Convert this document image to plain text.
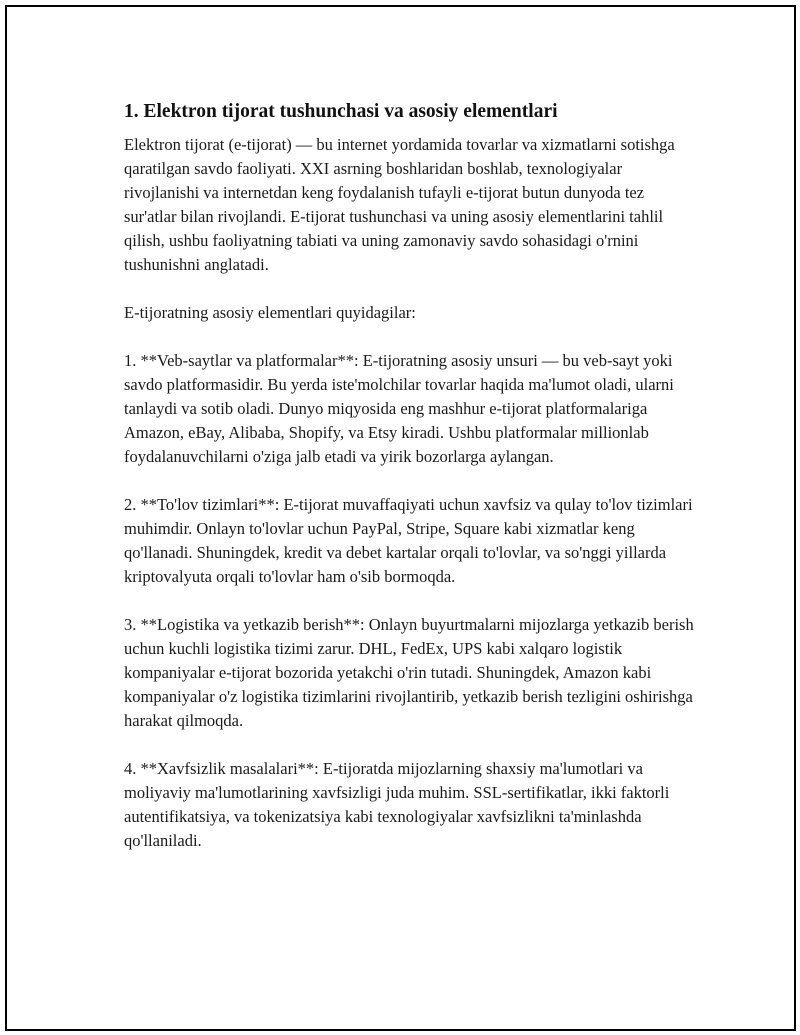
1. Elektron tijorat tushunchasi va asosiy elementlari

Elektron tijorat (e-tijorat) — bu internet yordamida tovarlar va xizmatlarni sotishga qaratilgan savdo faoliyati. XXI asrning boshlaridan boshlab, texnologiyalar rivojlanishi va internetdan keng foydalanish tufayli e-tijorat butun dunyoda tez sur'atlar bilan rivojlandi. E-tijorat tushunchasi va uning asosiy elementlarini tahlil qilish, ushbu faoliyatning tabiati va uning zamonaviy savdo sohasidagi o'rnini tushunishni anglatadi.

E-tijoratning asosiy elementlari quyidagilar:

1. **Veb-saytlar va platformalar**: E-tijoratning asosiy unsuri — bu veb-sayt yoki savdo platformasidir. Bu yerda iste'molchilar tovarlar haqida ma'lumot oladi, ularni tanlaydi va sotib oladi. Dunyo miqyosida eng mashhur e-tijorat platformalariga Amazon, eBay, Alibaba, Shopify, va Etsy kiradi. Ushbu platformalar millionlab foydalanuvchilarni o'ziga jalb etadi va yirik bozorlarga aylangan.

2. **To'lov tizimlari**: E-tijorat muvaffaqiyati uchun xavfsiz va qulay to'lov tizimlari muhimdir. Onlayn to'lovlar uchun PayPal, Stripe, Square kabi xizmatlar keng qo'llanadi. Shuningdek, kredit va debet kartalar orqali to'lovlar, va so'nggi yillarda kriptovalyuta orqali to'lovlar ham o'sib bormoqda.

3. **Logistika va yetkazib berish**: Onlayn buyurtmalarni mijozlarga yetkazib berish uchun kuchli logistika tizimi zarur. DHL, FedEx, UPS kabi xalqaro logistik kompaniyalar e-tijorat bozorida yetakchi o'rin tutadi. Shuningdek, Amazon kabi kompaniyalar o'z logistika tizimlarini rivojlantirib, yetkazib berish tezligini oshirishga harakat qilmoqda.

4. **Xavfsizlik masalalari**: E-tijoratda mijozlarning shaxsiy ma'lumotlari va moliyaviy ma'lumotlarining xavfsizligi juda muhim. SSL-sertifikatlar, ikki faktorli autentifikatsiya, va tokenizatsiya kabi texnologiyalar xavfsizlikni ta'minlashda qo'llaniladi.
